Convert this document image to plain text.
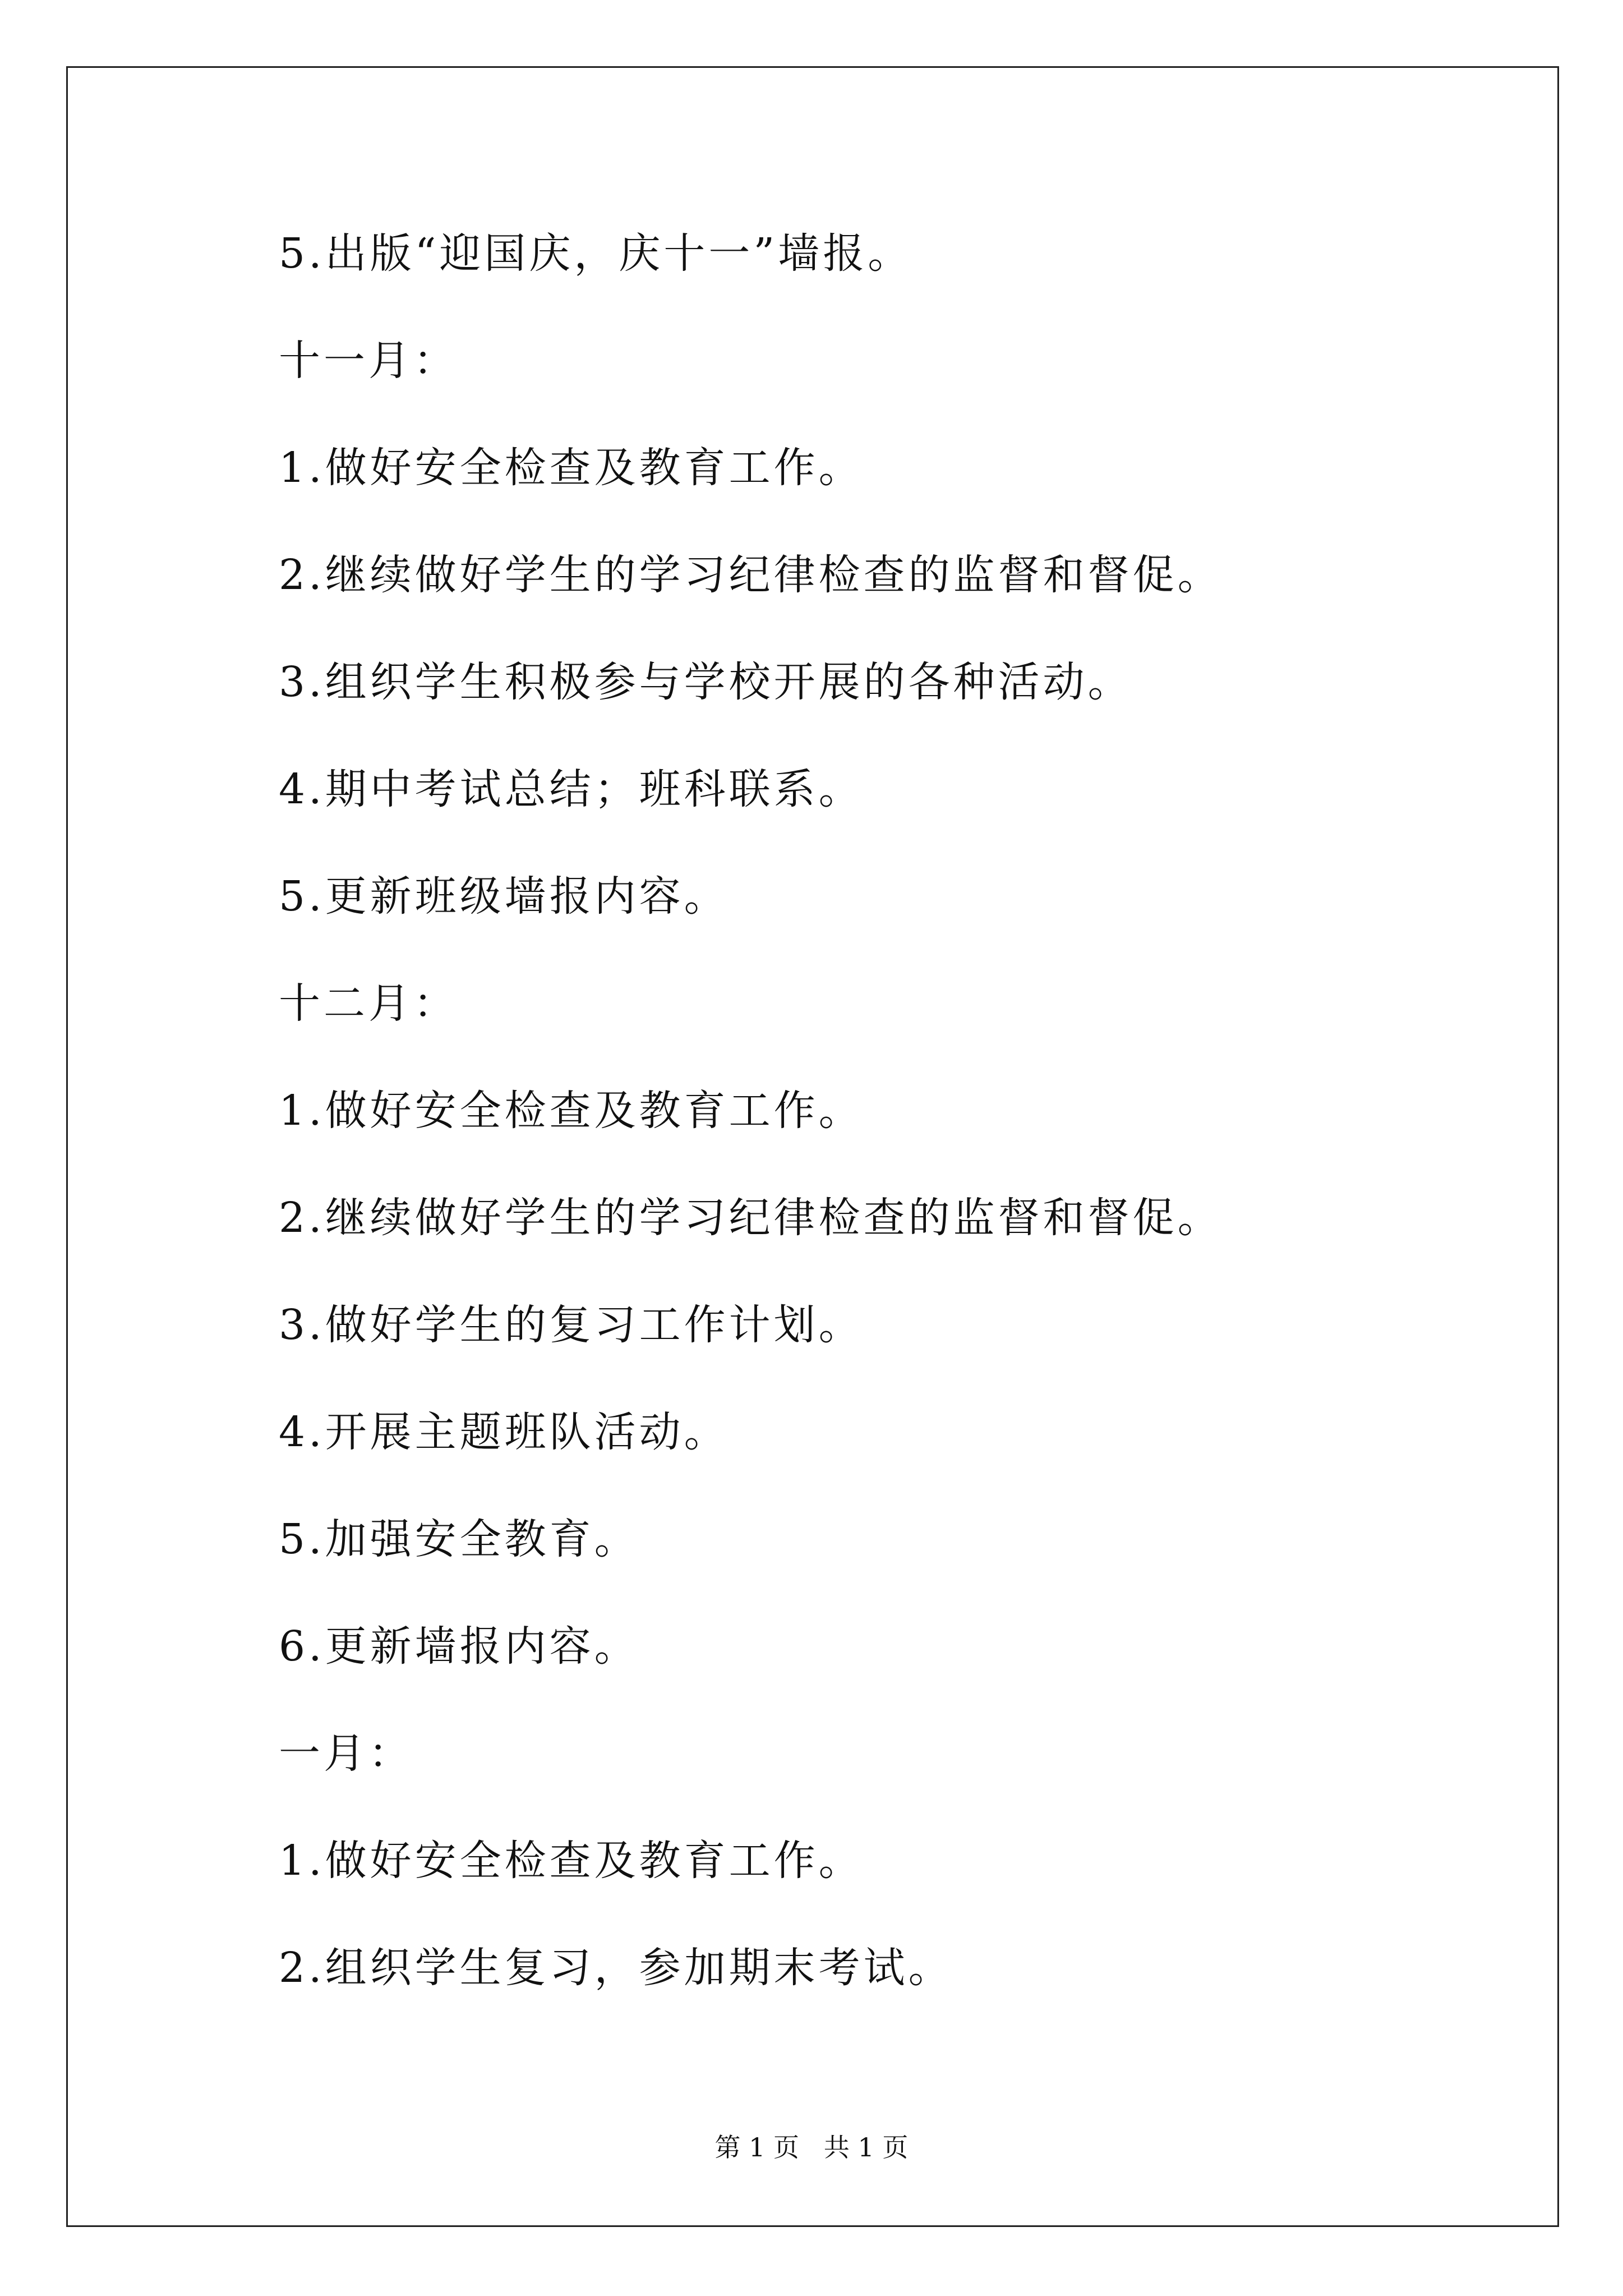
5.出版“迎国庆，庆十一”墙报。
十一月：
1.做好安全检查及教育工作。
2.继续做好学生的学习纪律检查的监督和督促。
3.组织学生积极参与学校开展的各种活动。
4.期中考试总结；班科联系。
5.更新班级墙报内容。
十二月：
1.做好安全检查及教育工作。
2.继续做好学生的学习纪律检查的监督和督促。
3.做好学生的复习工作计划。
4.开展主题班队活动。
5.加强安全教育。
6.更新墙报内容。
一月：
1.做好安全检查及教育工作。
2.组织学生复习，参加期末考试。
第 1 页   共 1 页
